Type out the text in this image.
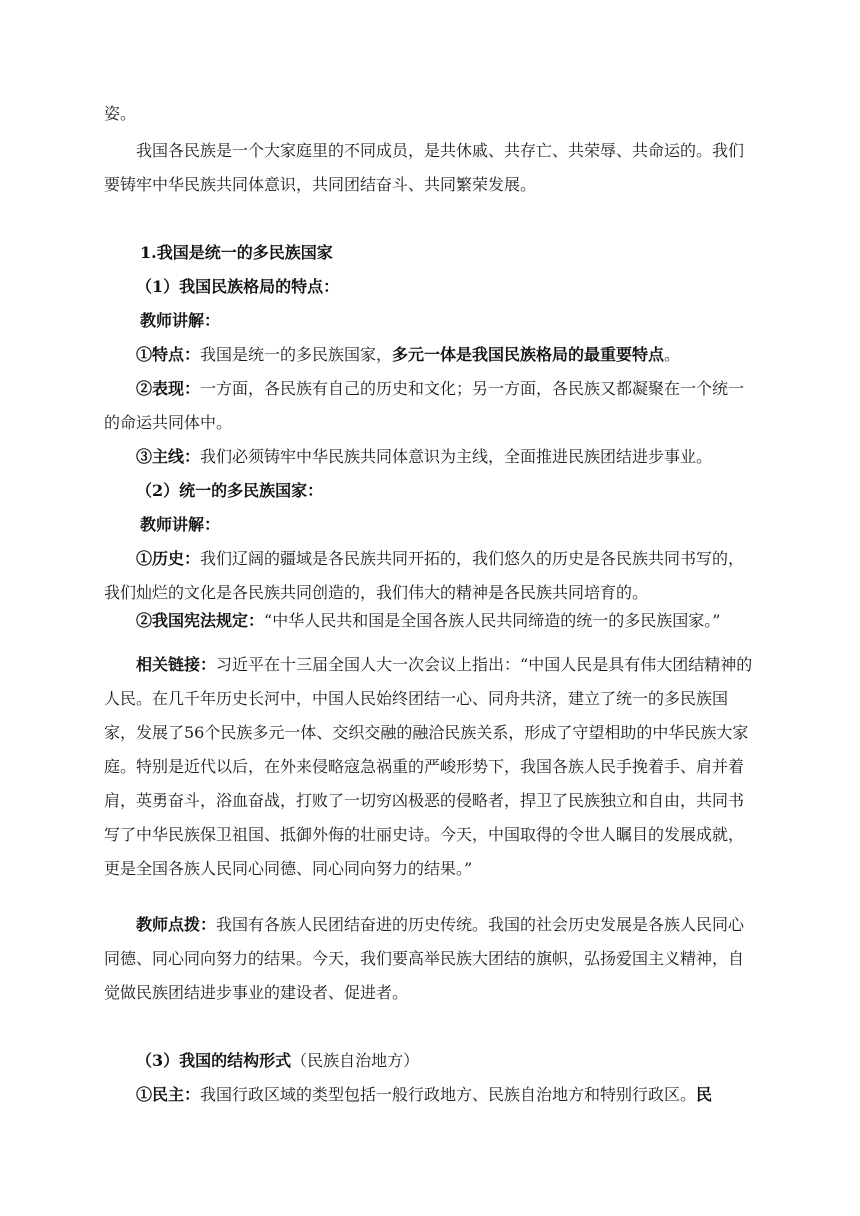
姿。

我国各民族是一个大家庭里的不同成员，是共休戚、共存亡、共荣辱、共命运的。我们要铸牢中华民族共同体意识，共同团结奋斗、共同繁荣发展。

1.我国是统一的多民族国家

（1）我国民族格局的特点：

教师讲解：

①特点：我国是统一的多民族国家，多元一体是我国民族格局的最重要特点。

②表现：一方面，各民族有自己的历史和文化；另一方面，各民族又都凝聚在一个统一的命运共同体中。

③主线：我们必须铸牢中华民族共同体意识为主线，全面推进民族团结进步事业。

（2）统一的多民族国家：

教师讲解：

①历史：我们辽阔的疆域是各民族共同开拓的，我们悠久的历史是各民族共同书写的，我们灿烂的文化是各民族共同创造的，我们伟大的精神是各民族共同培育的。

②我国宪法规定：“中华人民共和国是全国各族人民共同缔造的统一的多民族国家。”

相关链接：习近平在十三届全国人大一次会议上指出：“中国人民是具有伟大团结精神的人民。在几千年历史长河中，中国人民始终团结一心、同舟共济，建立了统一的多民族国家，发展了56个民族多元一体、交织交融的融洽民族关系，形成了守望相助的中华民族大家庭。特别是近代以后，在外来侵略寇急祸重的严峻形势下，我国各族人民手挽着手、肩并着肩，英勇奋斗，浴血奋战，打败了一切穷凶极恶的侵略者，捍卫了民族独立和自由，共同书写了中华民族保卫祖国、抵御外侮的壮丽史诗。今天，中国取得的令世人瞩目的发展成就，更是全国各族人民同心同德、同心同向努力的结果。”

教师点拨：我国有各族人民团结奋进的历史传统。我国的社会历史发展是各族人民同心同德、同心同向努力的结果。今天，我们要高举民族大团结的旗帜，弘扬爱国主义精神，自觉做民族团结进步事业的建设者、促进者。

（3）我国的结构形式（民族自治地方）

①民主：我国行政区域的类型包括一般行政地方、民族自治地方和特别行政区。民
